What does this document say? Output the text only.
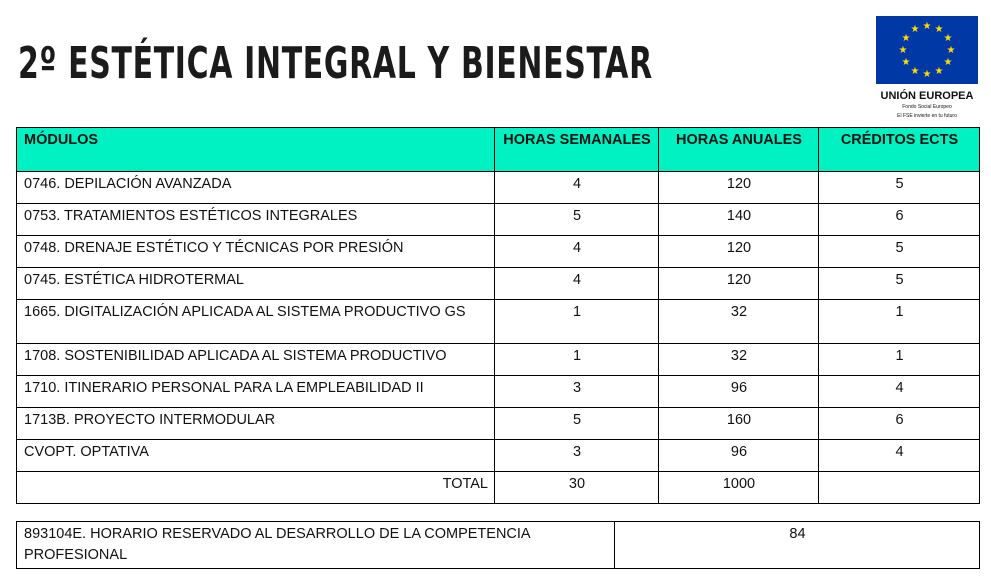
2º ESTÉTICA INTEGRAL Y BIENESTAR
★ ★
★
★
★
★
★
★
★
★
★
★
UNIÓN EUROPEA
Fondo Social Europeo
El FSE invierte en tu futuro
MÓDULOS	HORAS SEMANALES	HORAS ANUALES	CRÉDITOS ECTS
0746. DEPILACIÓN AVANZADA	4	120	5
0753. TRATAMIENTOS ESTÉTICOS INTEGRALES	5	140	6
0748. DRENAJE ESTÉTICO Y TÉCNICAS POR PRESIÓN	4	120	5
0745. ESTÉTICA HIDROTERMAL	4	120	5
1665. DIGITALIZACIÓN APLICADA AL SISTEMA PRODUCTIVO GS	1	32	1
1708. SOSTENIBILIDAD APLICADA AL SISTEMA PRODUCTIVO	1	32	1
1710. ITINERARIO PERSONAL PARA LA EMPLEABILIDAD II	3	96	4
1713B. PROYECTO INTERMODULAR	5	160	6
CVOPT. OPTATIVA	3	96	4
TOTAL	30	1000	
893104E. HORARIO RESERVADO AL DESARROLLO DE LA COMPETENCIA PROFESIONAL	84
